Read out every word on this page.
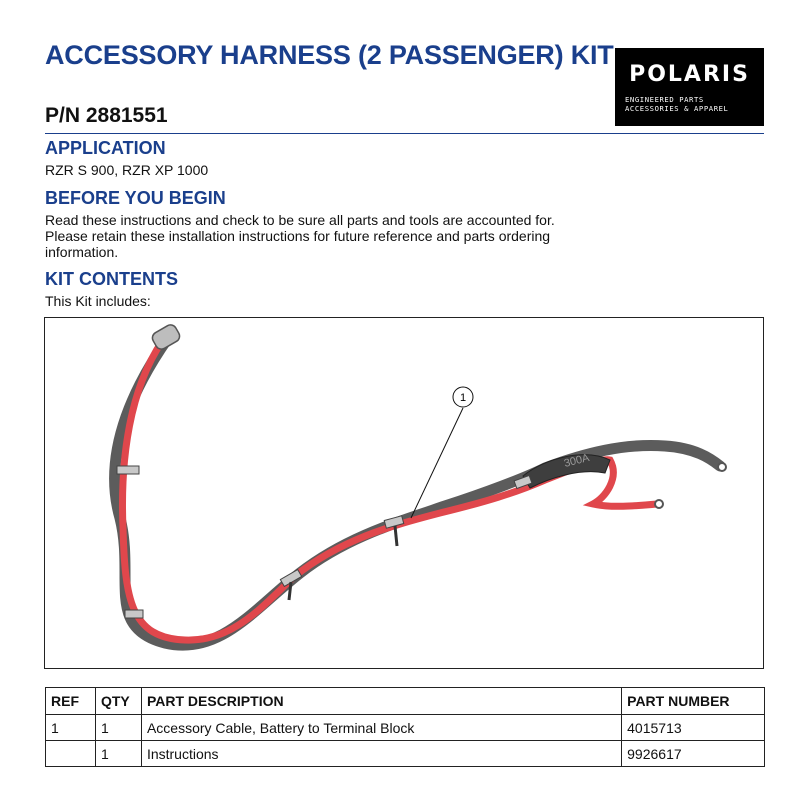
ACCESSORY HARNESS (2 PASSENGER) KIT
POLARIS
ENGINEERED PARTS
ACCESSORIES & APPAREL
P/N 2881551
APPLICATION

RZR S 900, RZR XP 1000

BEFORE YOU BEGIN
Read these instructions and check to be sure all parts and tools are accounted for.
Please retain these installation instructions for future reference and parts ordering
information.
KIT CONTENTS

This Kit includes:

300A
1
REF	QTY	PART DESCRIPTION	PART NUMBER
1	1	Accessory Cable, Battery to Terminal Block	4015713
	1	Instructions	9926617
